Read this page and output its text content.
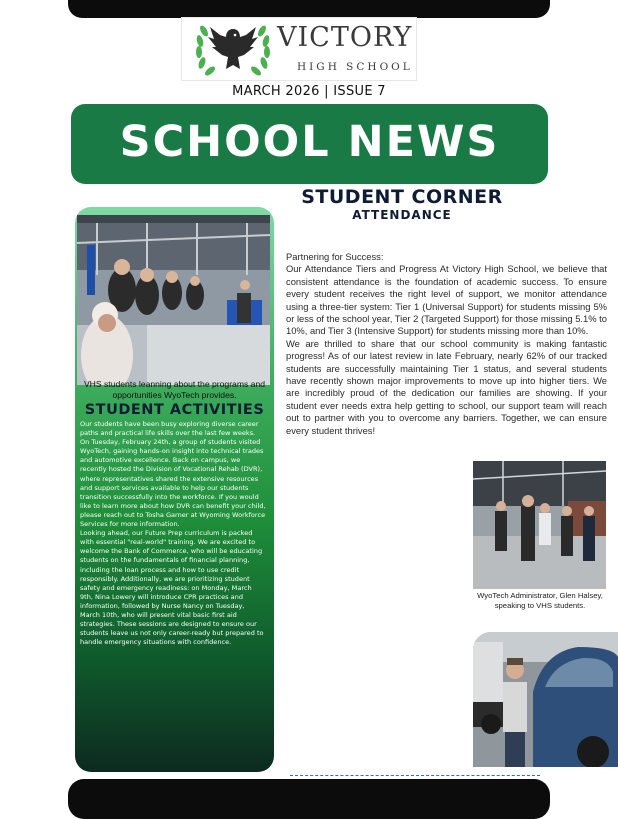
VICTORY
HIGH SCHOOL
MARCH 2026 | ISSUE 7
SCHOOL NEWS
STUDENT CORNER
ATTENDANCE

Partnering for Success:

Our Attendance Tiers and Progress At Victory High School, we believe that consistent attendance is the foundation of academic success. To ensure every student receives the right level of support, we monitor attendance using a three-tier system: Tier 1 (Universal Support) for students missing 5% or less of the school year, Tier 2 (Targeted Support) for those missing 5.1% to 10%, and Tier 3 (Intensive Support) for students missing more than 10%.

We are thrilled to share that our school community is making fantastic progress! As of our latest review in late February, nearly 62% of our tracked students are successfully maintaining Tier 1 status, and several students have recently shown major improvements to move up into higher tiers. We are incredibly proud of the dedication our families are showing. If your student ever needs extra help getting to school, our support team will reach out to partner with you to overcome any barriers. Together, we can ensure every student thrives!

VHS students leanning about the programs and opportunities WyoTech provides.
STUDENT ACTIVITIES

Our students have been busy exploring diverse career paths and practical life skills over the last few weeks. On Tuesday, February 24th, a group of students visited WyoTech, gaining hands-on insight into technical trades and automotive excellence. Back on campus, we recently hosted the Division of Vocational Rehab (DVR), where representatives shared the extensive resources and support services available to help our students transition successfully into the workforce. If you would like to learn more about how DVR can benefit your child, please reach out to Tosha Garner at Wyoming Workforce Services for more information.

Looking ahead, our Future Prep curriculum is packed with essential "real-world" training. We are excited to welcome the Bank of Commerce, who will be educating students on the fundamentals of financial planning, including the loan process and how to use credit responsibly. Additionally, we are prioritizing student safety and emergency readiness: on Monday, March 9th, Nina Lowery will introduce CPR practices and information, followed by Nurse Nancy on Tuesday, March 10th, who will present vital basic first aid strategies. These sessions are designed to ensure our students leave us not only career-ready but prepared to handle emergency situations with confidence.

WyoTech Administrator, Glen Halsey, speaking to VHS students.
